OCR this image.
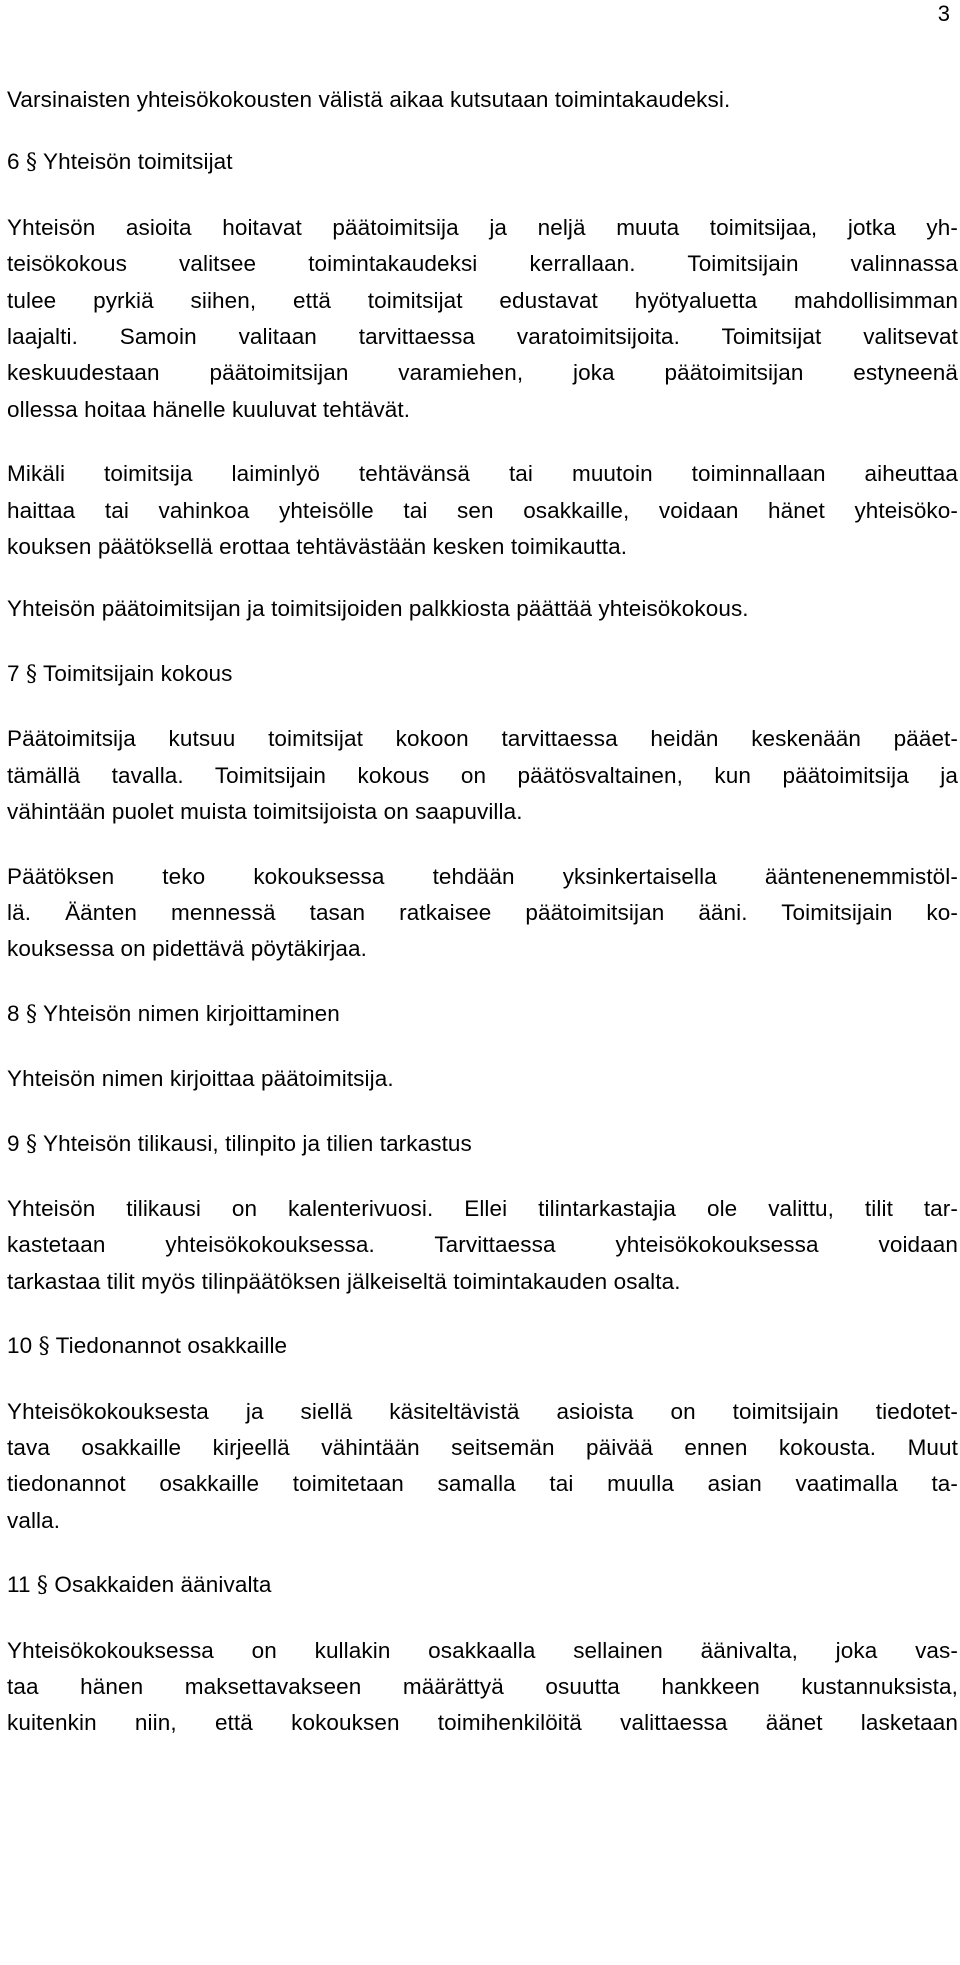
3

Varsinaisten yhteisökokousten välistä aikaa kutsutaan toimintakaudeksi.

6 § Yhteisön toimitsijat

Yhteisön asioita hoitavat päätoimitsija ja neljä muuta toimitsijaa, jotka yh-
teisökokous valitsee toimintakaudeksi kerrallaan. Toimitsijain valinnassa
tulee pyrkiä siihen, että toimitsijat edustavat hyötyaluetta mahdollisimman
laajalti. Samoin valitaan tarvittaessa varatoimitsijoita. Toimitsijat valitsevat
keskuudestaan päätoimitsijan varamiehen, joka päätoimitsijan estyneenä
ollessa hoitaa hänelle kuuluvat tehtävät.
Mikäli toimitsija laiminlyö tehtävänsä tai muutoin toiminnallaan aiheuttaa
haittaa tai vahinkoa yhteisölle tai sen osakkaille, voidaan hänet yhteisöko-
kouksen päätöksellä erottaa tehtävästään kesken toimikautta.

Yhteisön päätoimitsijan ja toimitsijoiden palkkiosta päättää yhteisökokous.

7 § Toimitsijain kokous

Päätoimitsija kutsuu toimitsijat kokoon tarvittaessa heidän keskenään pääet-
tämällä tavalla. Toimitsijain kokous on päätösvaltainen, kun päätoimitsija ja
vähintään puolet muista toimitsijoista on saapuvilla.
Päätöksen teko kokouksessa tehdään yksinkertaisella ääntenenemmistöl-
lä. Äänten mennessä tasan ratkaisee päätoimitsijan ääni. Toimitsijain ko-
kouksessa on pidettävä pöytäkirjaa.

8 § Yhteisön nimen kirjoittaminen

Yhteisön nimen kirjoittaa päätoimitsija.

9 § Yhteisön tilikausi, tilinpito ja tilien tarkastus

Yhteisön tilikausi on kalenterivuosi. Ellei tilintarkastajia ole valittu, tilit tar-
kastetaan yhteisökokouksessa. Tarvittaessa yhteisökokouksessa voidaan
tarkastaa tilit myös tilinpäätöksen jälkeiseltä toimintakauden osalta.

10 § Tiedonannot osakkaille

Yhteisökokouksesta ja siellä käsiteltävistä asioista on toimitsijain tiedotet-
tava osakkaille kirjeellä vähintään seitsemän päivää ennen kokousta. Muut
tiedonannot osakkaille toimitetaan samalla tai muulla asian vaatimalla ta-
valla.

11 § Osakkaiden äänivalta

Yhteisökokouksessa on kullakin osakkaalla sellainen äänivalta, joka vas-
taa hänen maksettavakseen määrättyä osuutta hankkeen kustannuksista,
kuitenkin niin, että kokouksen toimihenkilöitä valittaessa äänet lasketaan
